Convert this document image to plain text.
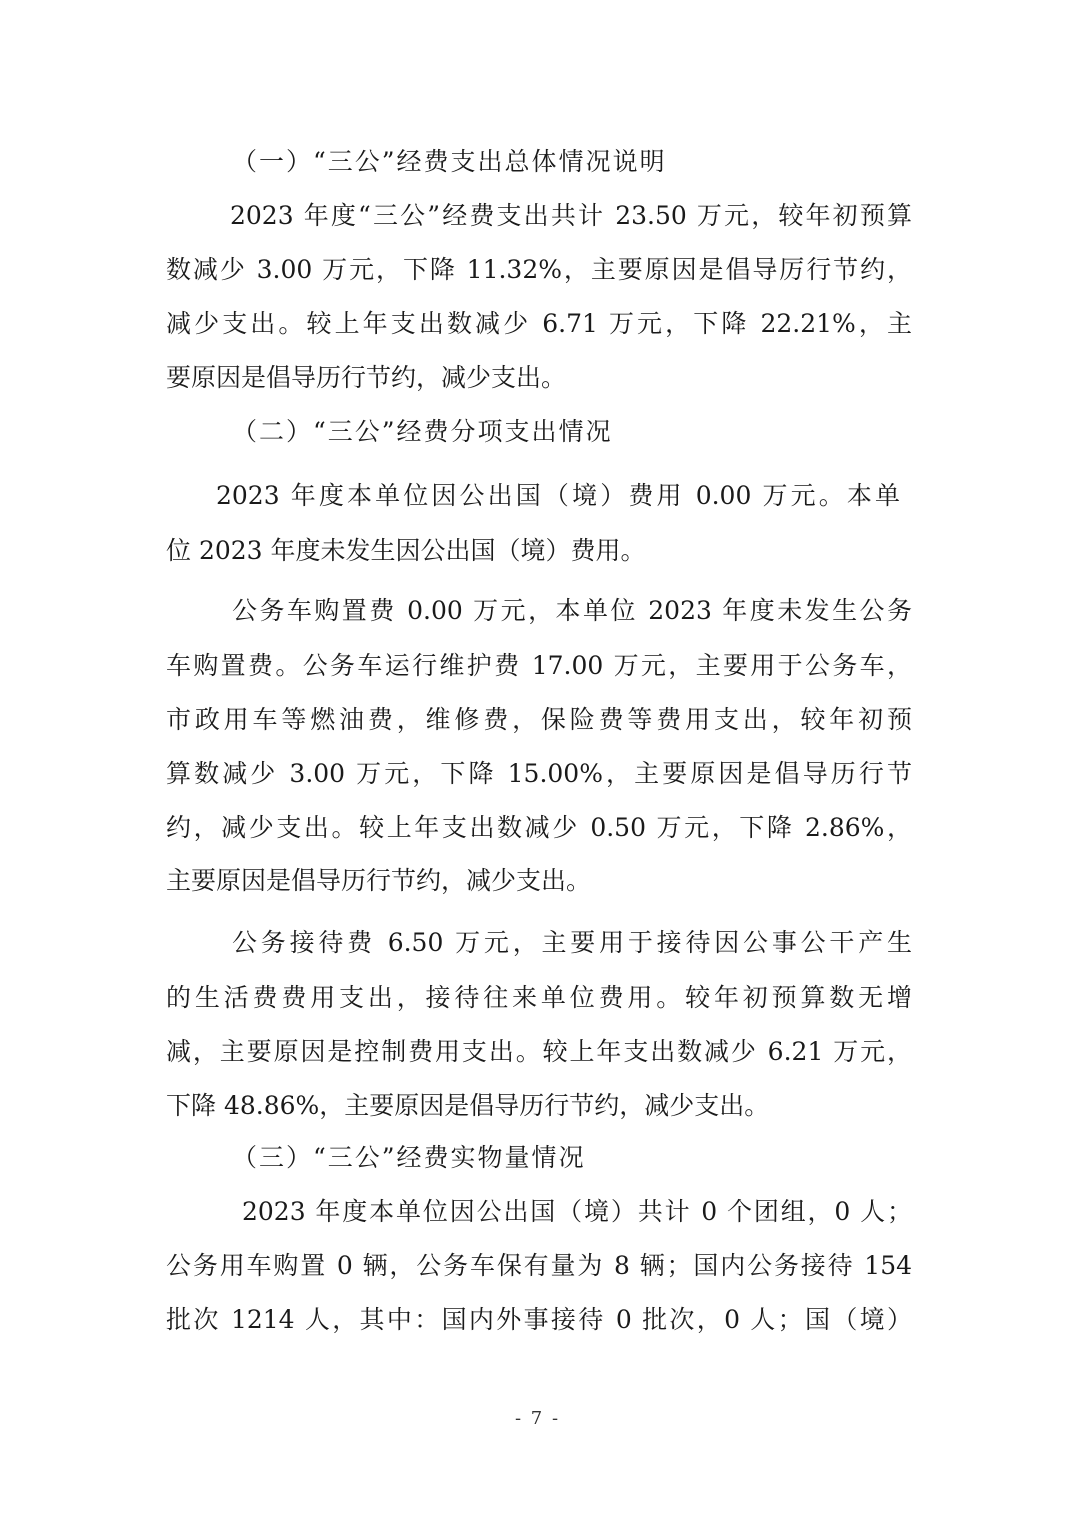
（一）“三公”经费支出总体情况说明
2023 年度“三公”经费支出共计 23.50 万元，较年初预算
数减少 3.00 万元，下降 11.32%，主要原因是倡导厉行节约，
减少支出。较上年支出数减少 6.71 万元，下降 22.21%，主
要原因是倡导历行节约，减少支出。
（二）“三公”经费分项支出情况
2023 年度本单位因公出国（境）费用 0.00 万元。本单
位 2023 年度未发生因公出国（境）费用。
公务车购置费 0.00 万元，本单位 2023 年度未发生公务
车购置费。公务车运行维护费 17.00 万元，主要用于公务车，
市政用车等燃油费，维修费，保险费等费用支出，较年初预
算数减少 3.00 万元，下降 15.00%，主要原因是倡导历行节
约，减少支出。较上年支出数减少 0.50 万元，下降 2.86%，
主要原因是倡导历行节约，减少支出。
公务接待费 6.50 万元，主要用于接待因公事公干产生
的生活费费用支出，接待往来单位费用。较年初预算数无增
减，主要原因是控制费用支出。较上年支出数减少 6.21 万元，
下降 48.86%，主要原因是倡导历行节约，减少支出。
（三）“三公”经费实物量情况
2023 年度本单位因公出国（境）共计 0 个团组，0 人；
公务用车购置 0 辆，公务车保有量为 8 辆；国内公务接待 154
批次 1214 人，其中：国内外事接待 0 批次，0 人；国（境）
- 7 -
